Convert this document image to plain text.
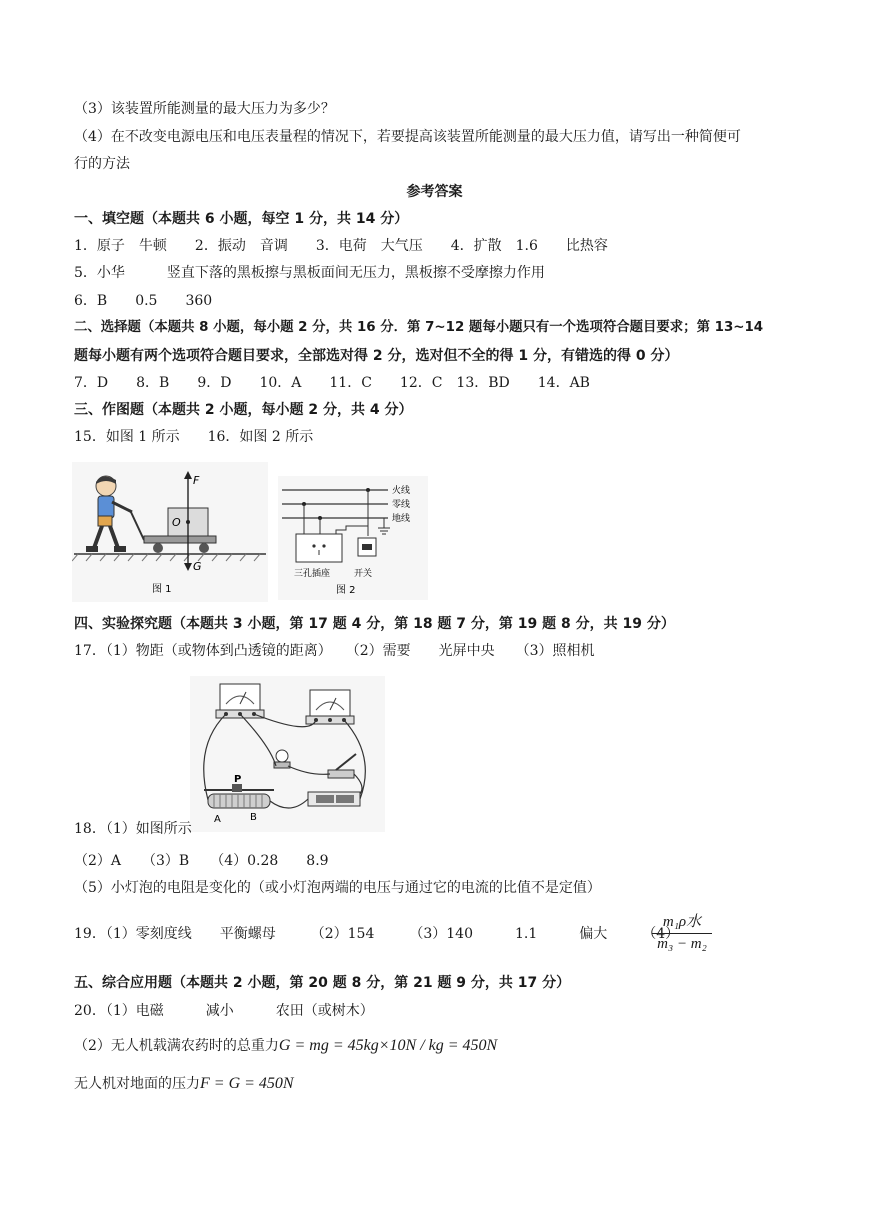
（3）该装置所能测量的最大压力为多少？
（4）在不改变电源电压和电压表量程的情况下，若要提高该装置所能测量的最大压力值，请写出一种简便可
行的方法
参考答案
一、填空题（本题共 6 小题，每空 1 分，共 14 分）
1．原子　牛顿　　2．振动　音调　　3．电荷　大气压　　4．扩散　1.6　　比热容
5．小华　　　竖直下落的黑板擦与黑板面间无压力，黑板擦不受摩擦力作用
6．B　　0.5　　360
二、选择题（本题共 8 小题，每小题 2 分，共 16 分．第 7~12 题每小题只有一个选项符合题目要求；第 13~14
题每小题有两个选项符合题目要求，全部选对得 2 分，选对但不全的得 1 分，有错选的得 0 分）
7．D　　8．B　　9．D　　10．A　　11．C　　12．C　13．BD　　14．AB
三、作图题（本题共 2 小题，每小题 2 分，共 4 分）
15．如图 1 所示　　16．如图 2 所示
F
G
O
图 1
火线
零线
地线
三孔插座	开关
图 2
四、实验探究题（本题共 3 小题，第 17 题 4 分，第 18 题 7 分，第 19 题 8 分，共 19 分）
17．（1）物距（或物体到凸透镜的距离）　　（2）需要　　光屏中央　　（3）照相机
P
A	B
18．（1）如图所示
（2）A　　（3）B　　（4）0.28　　8.9
（5）小灯泡的电阻是变化的（或小灯泡两端的电压与通过它的电流的比值不是定值）
19．（1）零刻度线　　平衡螺母　　　（2）154　　　（3）140　　　1.1　　　偏大　　　（4）
m₁ρ水
m₃ − m₂
五、综合应用题（本题共 2 小题，第 20 题 8 分，第 21 题 9 分，共 17 分）
20．（1）电磁　　　减小　　　农田（或树木）
（2）无人机载满农药时的总重力G = mg = 45kg×10N / kg = 450N
无人机对地面的压力F = G = 450N
